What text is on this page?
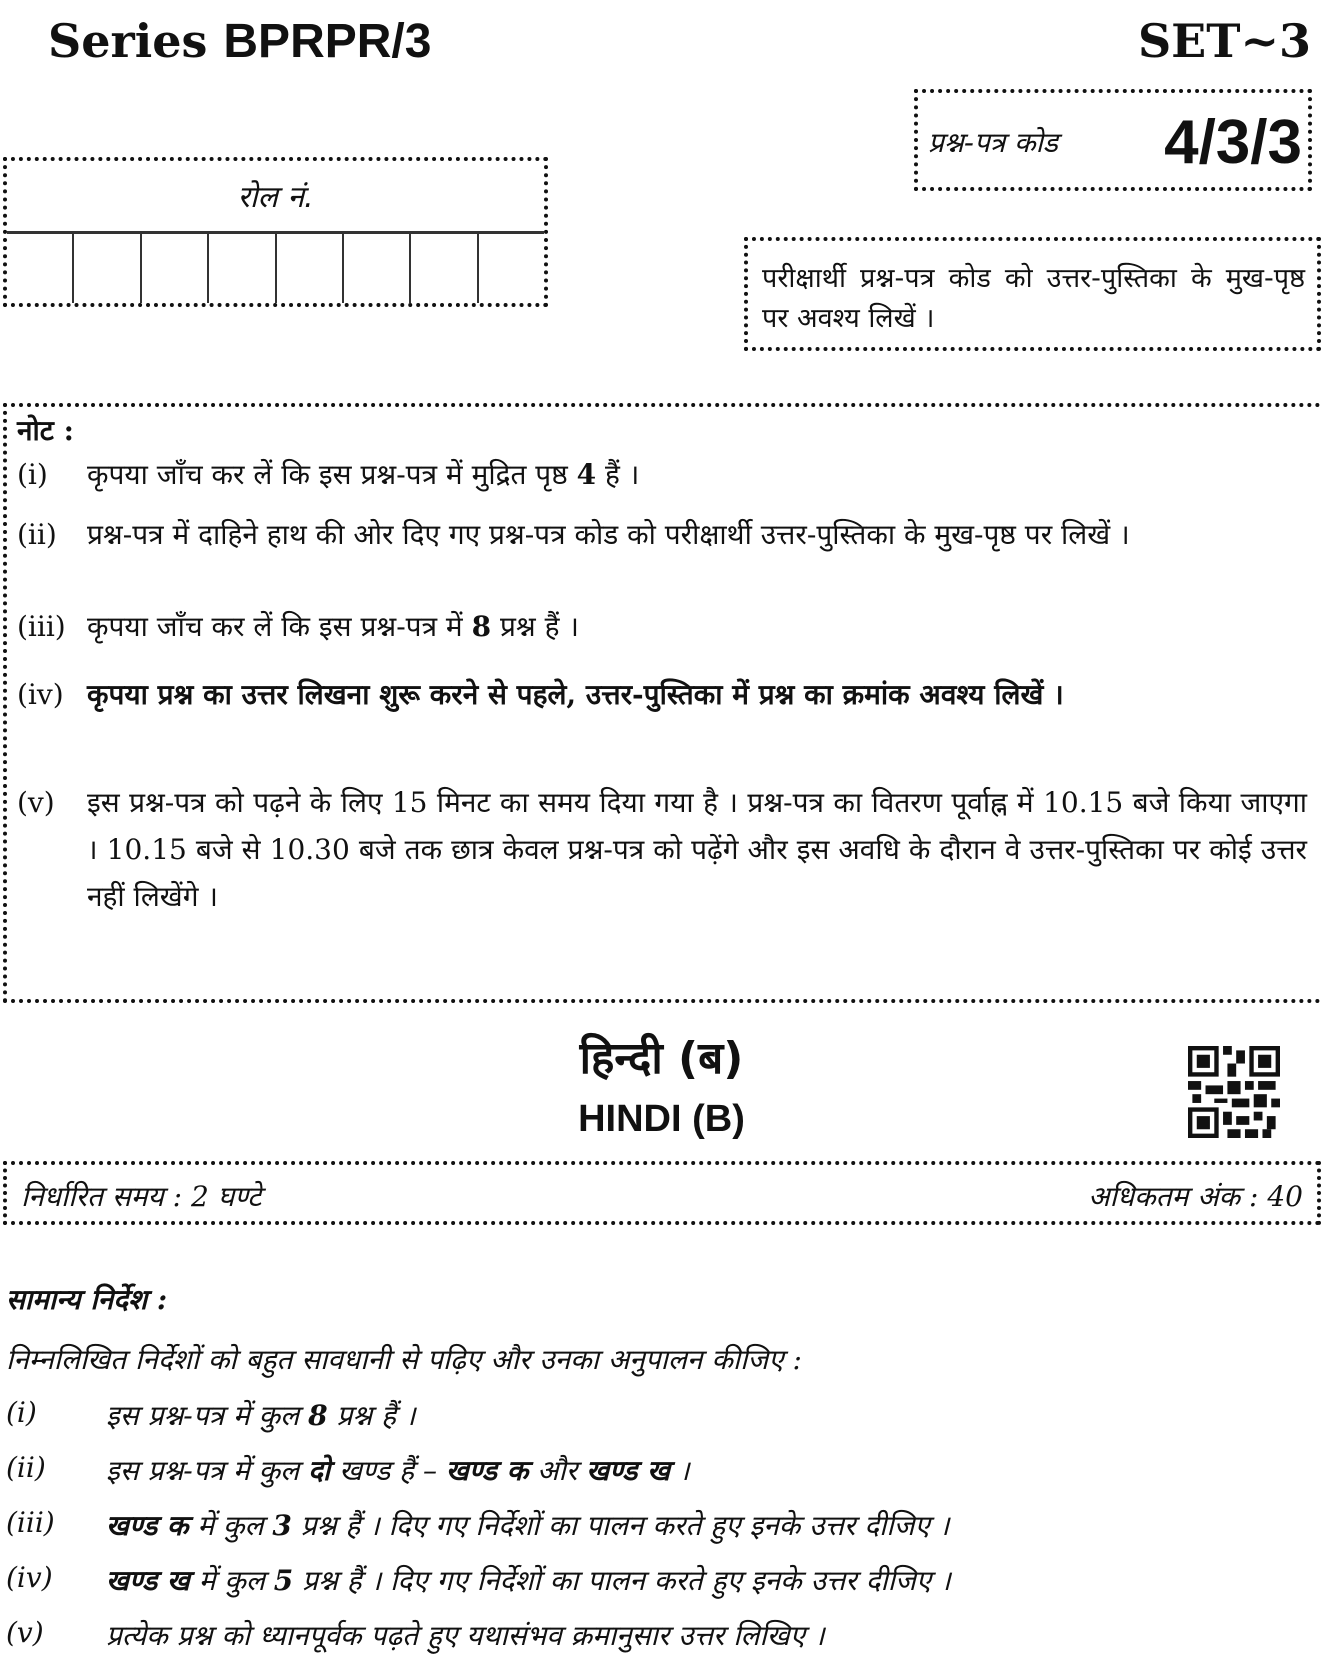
Series BPRPR/3	SET~3
प्रश्न-पत्र कोड 4/3/3
रोल नं.
परीक्षार्थी प्रश्न-पत्र कोड को उत्तर-पुस्तिका के मुख-पृष्ठ पर अवश्य लिखें ।
नोट :
(i) कृपया जाँच कर लें कि इस प्रश्न-पत्र में मुद्रित पृष्ठ 4 हैं ।
(ii) प्रश्न-पत्र में दाहिने हाथ की ओर दिए गए प्रश्न-पत्र कोड को परीक्षार्थी उत्तर-पुस्तिका के मुख-पृष्ठ पर लिखें ।
(iii) कृपया जाँच कर लें कि इस प्रश्न-पत्र में 8 प्रश्न हैं ।
(iv) कृपया प्रश्न का उत्तर लिखना शुरू करने से पहले, उत्तर-पुस्तिका में प्रश्न का क्रमांक अवश्य लिखें ।
(v) इस प्रश्न-पत्र को पढ़ने के लिए 15 मिनट का समय दिया गया है । प्रश्न-पत्र का वितरण पूर्वाह्न में 10.15 बजे किया जाएगा । 10.15 बजे से 10.30 बजे तक छात्र केवल प्रश्न-पत्र को पढ़ेंगे और इस अवधि के दौरान वे उत्तर-पुस्तिका पर कोई उत्तर नहीं लिखेंगे ।
हिन्दी (ब)
HINDI (B)
निर्धारित समय : 2 घण्टे	अधिकतम अंक : 40
सामान्य निर्देश :
निम्नलिखित निर्देशों को बहुत सावधानी से पढ़िए और उनका अनुपालन कीजिए :
(i) इस प्रश्न-पत्र में कुल 8 प्रश्न हैं ।
(ii) इस प्रश्न-पत्र में कुल दो खण्ड हैं – खण्ड क और खण्ड ख ।
(iii) खण्ड क में कुल 3 प्रश्न हैं । दिए गए निर्देशों का पालन करते हुए इनके उत्तर दीजिए ।
(iv) खण्ड ख में कुल 5 प्रश्न हैं । दिए गए निर्देशों का पालन करते हुए इनके उत्तर दीजिए ।
(v) प्रत्येक प्रश्न को ध्यानपूर्वक पढ़ते हुए यथासंभव क्रमानुसार उत्तर लिखिए ।
